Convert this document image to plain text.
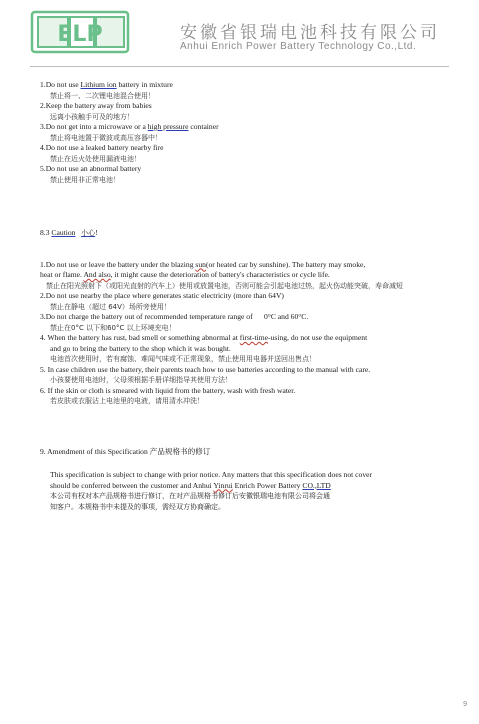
ELP	安徽省银瑞电池科技有限公司
Anhui Enrich Power Battery Technology Co.,Ltd.
1.Do not use Lithium ion battery in mixture
禁止将一、二次锂电池混合使用！
2.Keep the battery away from babies
远离小孩触手可及的地方！
3.Do not get into a microwave or a high pressure container
禁止将电池置于微波或高压容器中！
4.Do not use a leaked battery nearby fire
禁止在近火处使用漏液电池！
5.Do not use an abnormal battery
禁止使用非正常电池！
8.3 Caution 小心!
1.Do not use or leave the battery under the blazing sun(or heated car by sunshine). The battery may smoke,
heat or flame. And also, it might cause the deterioration of battery's characteristics or cycle life.
禁止在阳光照射下（或阳光直射的汽车上）使用或放置电池，否则可能会引起电池过热，起火伤动能突破，寿命减短
2.Do not use nearby the place where generates static electricity (more than 64V)
禁止在静电（超过 64V）场所旁使用！
3.Do not charge the battery out of recommended temperature range of      0°C and 60°C.
禁止在0°C 以下和60°C 以上环境充电！
4. When the battery has rust, bad smell or something abnormal at first-time-using, do not use the equipment
and go to bring the battery to the shop which it was bought.
电池首次使用时，若有腐蚀、难闻气味或不正常现象，禁止使用用电器并送回出售点！
5. In case children use the battery, their parents teach how to use batteries according to the manual with care.
小孩要使用电池时，父母须根据手册详细指导其使用方法！
6. If the skin or cloth is smeared with liquid from the battery, wash with fresh water.
若皮肤或衣服沾上电池里的电液，请用清水冲洗！
9. Amendment of this Specification 产品规格书的修订
This specification is subject to change with prior notice. Any matters that this specification does not cover
should be conferred between the customer and Anhui Yinrui Enrich Power Battery CO.,LTD
本公司有权对本产品规格书进行修订，在对产品规格书修订后安徽银瑞电池有限公司将会通
知客户。本规格书中未提及的事项，需经双方协商确定。
9
